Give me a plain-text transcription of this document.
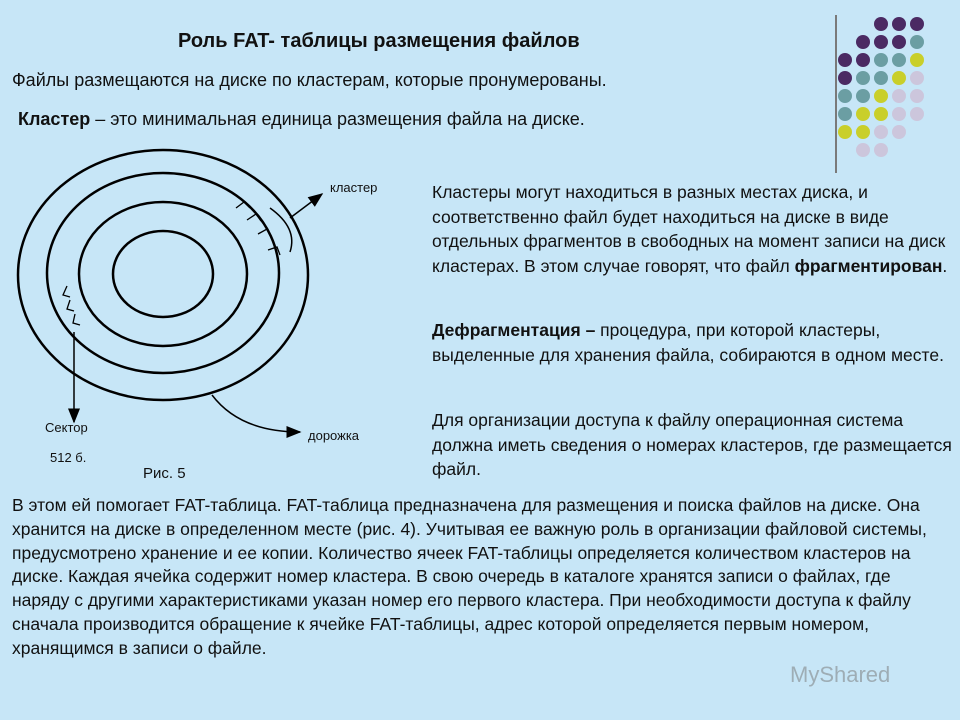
Роль FAT- таблицы размещения файлов
Файлы размещаются на диске по кластерам, которые пронумерованы.
Кластер – это минимальная единица размещения файла на диске.
кластер
Сектор
512 б.
дорожка
Рис. 5
Кластеры могут находиться в разных местах диска, и соответственно файл будет находиться на диске в виде отдельных фрагментов в свободных на момент записи на диск кластерах. В этом случае говорят, что файл фрагментирован.
Дефрагментация – процедура, при которой кластеры, выделенные для хранения файла, собираются в одном месте.
Для организации доступа к файлу операционная система должна иметь сведения о номерах кластеров, где размещается файл.
В этом ей помогает FAT-таблица. FAT-таблица предназначена для размещения и поиска файлов на диске. Она хранится на диске в определенном месте (рис. 4). Учитывая ее важную роль в организации файловой системы, предусмотрено хранение и ее копии. Количество ячеек FAT-таблицы определяется количеством кластеров на диске. Каждая ячейка содержит номер кластера. В свою очередь в каталоге хранятся записи о файлах, где наряду с другими характеристиками указан номер его первого кластера. При необходимости доступа к файлу сначала производится обращение к ячейке FAT-таблицы, адрес которой определяется первым номером, хранящимся в записи о файле.
MyShared
